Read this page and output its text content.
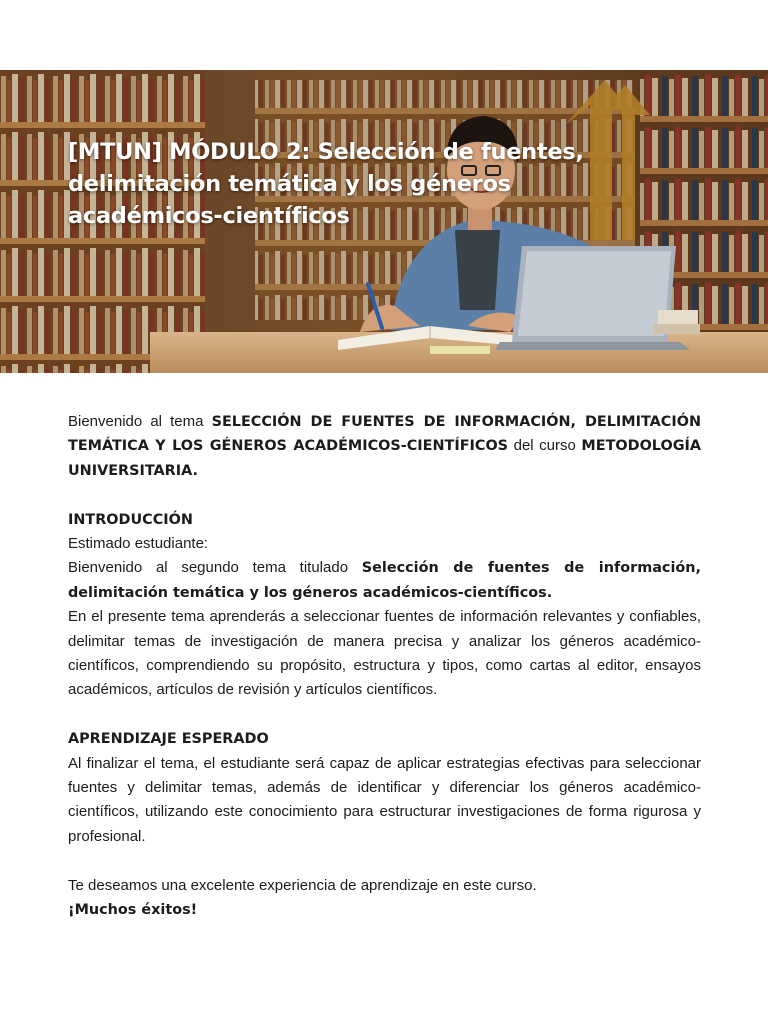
[MTUN] MÓDULO 2: Selección de fuentes, delimitación temática y los géneros académicos-científicos

Bienvenido al tema SELECCIÓN DE FUENTES DE INFORMACIÓN, DELIMITACIÓN TEMÁTICA Y LOS GÉNEROS ACADÉMICOS-CIENTÍFICOS del curso METODOLOGÍA UNIVERSITARIA.

INTRODUCCIÓN

Estimado estudiante:

Bienvenido al segundo tema titulado Selección de fuentes de información, delimitación temática y los géneros académicos-científicos.

En el presente tema aprenderás a seleccionar fuentes de información relevantes y confiables, delimitar temas de investigación de manera precisa y analizar los géneros académico-científicos, comprendiendo su propósito, estructura y tipos, como cartas al editor, ensayos académicos, artículos de revisión y artículos científicos.

APRENDIZAJE ESPERADO

Al finalizar el tema, el estudiante será capaz de aplicar estrategias efectivas para seleccionar fuentes y delimitar temas, además de identificar y diferenciar los géneros académico-científicos, utilizando este conocimiento para estructurar investigaciones de forma rigurosa y profesional.

Te deseamos una excelente experiencia de aprendizaje en este curso.

¡Muchos éxitos!
